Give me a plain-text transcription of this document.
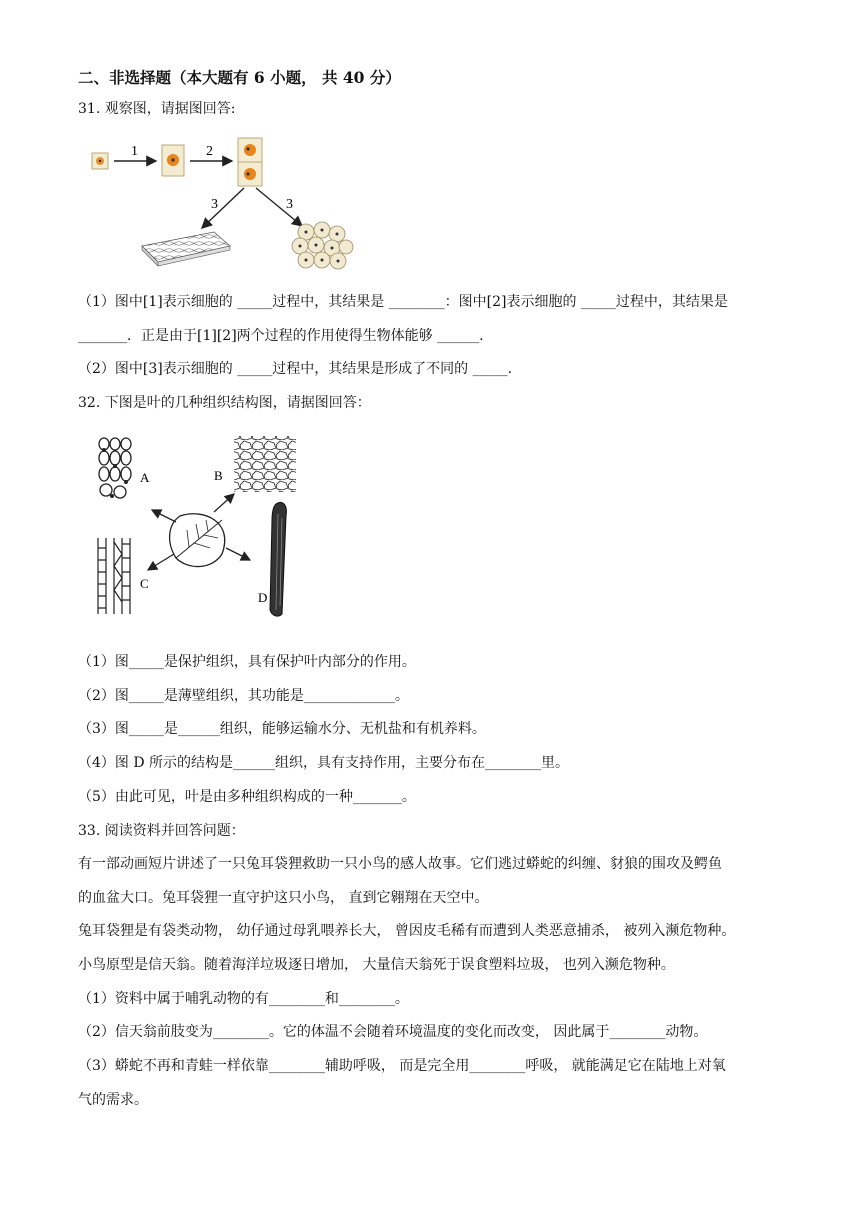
二、非选择题（本大题有 6 小题， 共 40 分）
31. 观察图，请据图回答:
1	2
3	3
（1）图中[1]表示细胞的 _____过程中，其结果是 ________：图中[2]表示细胞的 _____过程中，其结果是
_______．正是由于[1][2]两个过程的作用使得生物体能够 ______.
（2）图中[3]表示细胞的 _____过程中，其结果是形成了不同的 _____.
32. 下图是叶的几种组织结构图，请据图回答：
A	B
C
D
（1）图_____是保护组织，具有保护叶内部分的作用。
（2）图_____是薄壁组织，其功能是_____________。
（3）图_____是______组织，能够运输水分、无机盐和有机养料。
（4）图 D 所示的结构是______组织，具有支持作用，主要分布在________里。
（5）由此可见，叶是由多种组织构成的一种_______。
33. 阅读资料并回答问题：
有一部动画短片讲述了一只兔耳袋狸救助一只小鸟的感人故事。它们逃过蟒蛇的纠缠、豺狼的围攻及鳄鱼
的血盆大口。兔耳袋狸一直守护这只小鸟， 直到它翱翔在天空中。
兔耳袋狸是有袋类动物， 幼仔通过母乳喂养长大， 曾因皮毛稀有而遭到人类恶意捕杀， 被列入濒危物种。
小鸟原型是信天翁。随着海洋垃圾逐日增加， 大量信天翁死于误食塑料垃圾， 也列入濒危物种。
（1）资料中属于哺乳动物的有________和________。
（2）信天翁前肢变为________。它的体温不会随着环境温度的变化而改变， 因此属于________动物。
（3）蟒蛇不再和青蛙一样依靠________辅助呼吸， 而是完全用________呼吸， 就能满足它在陆地上对氧
气的需求。
